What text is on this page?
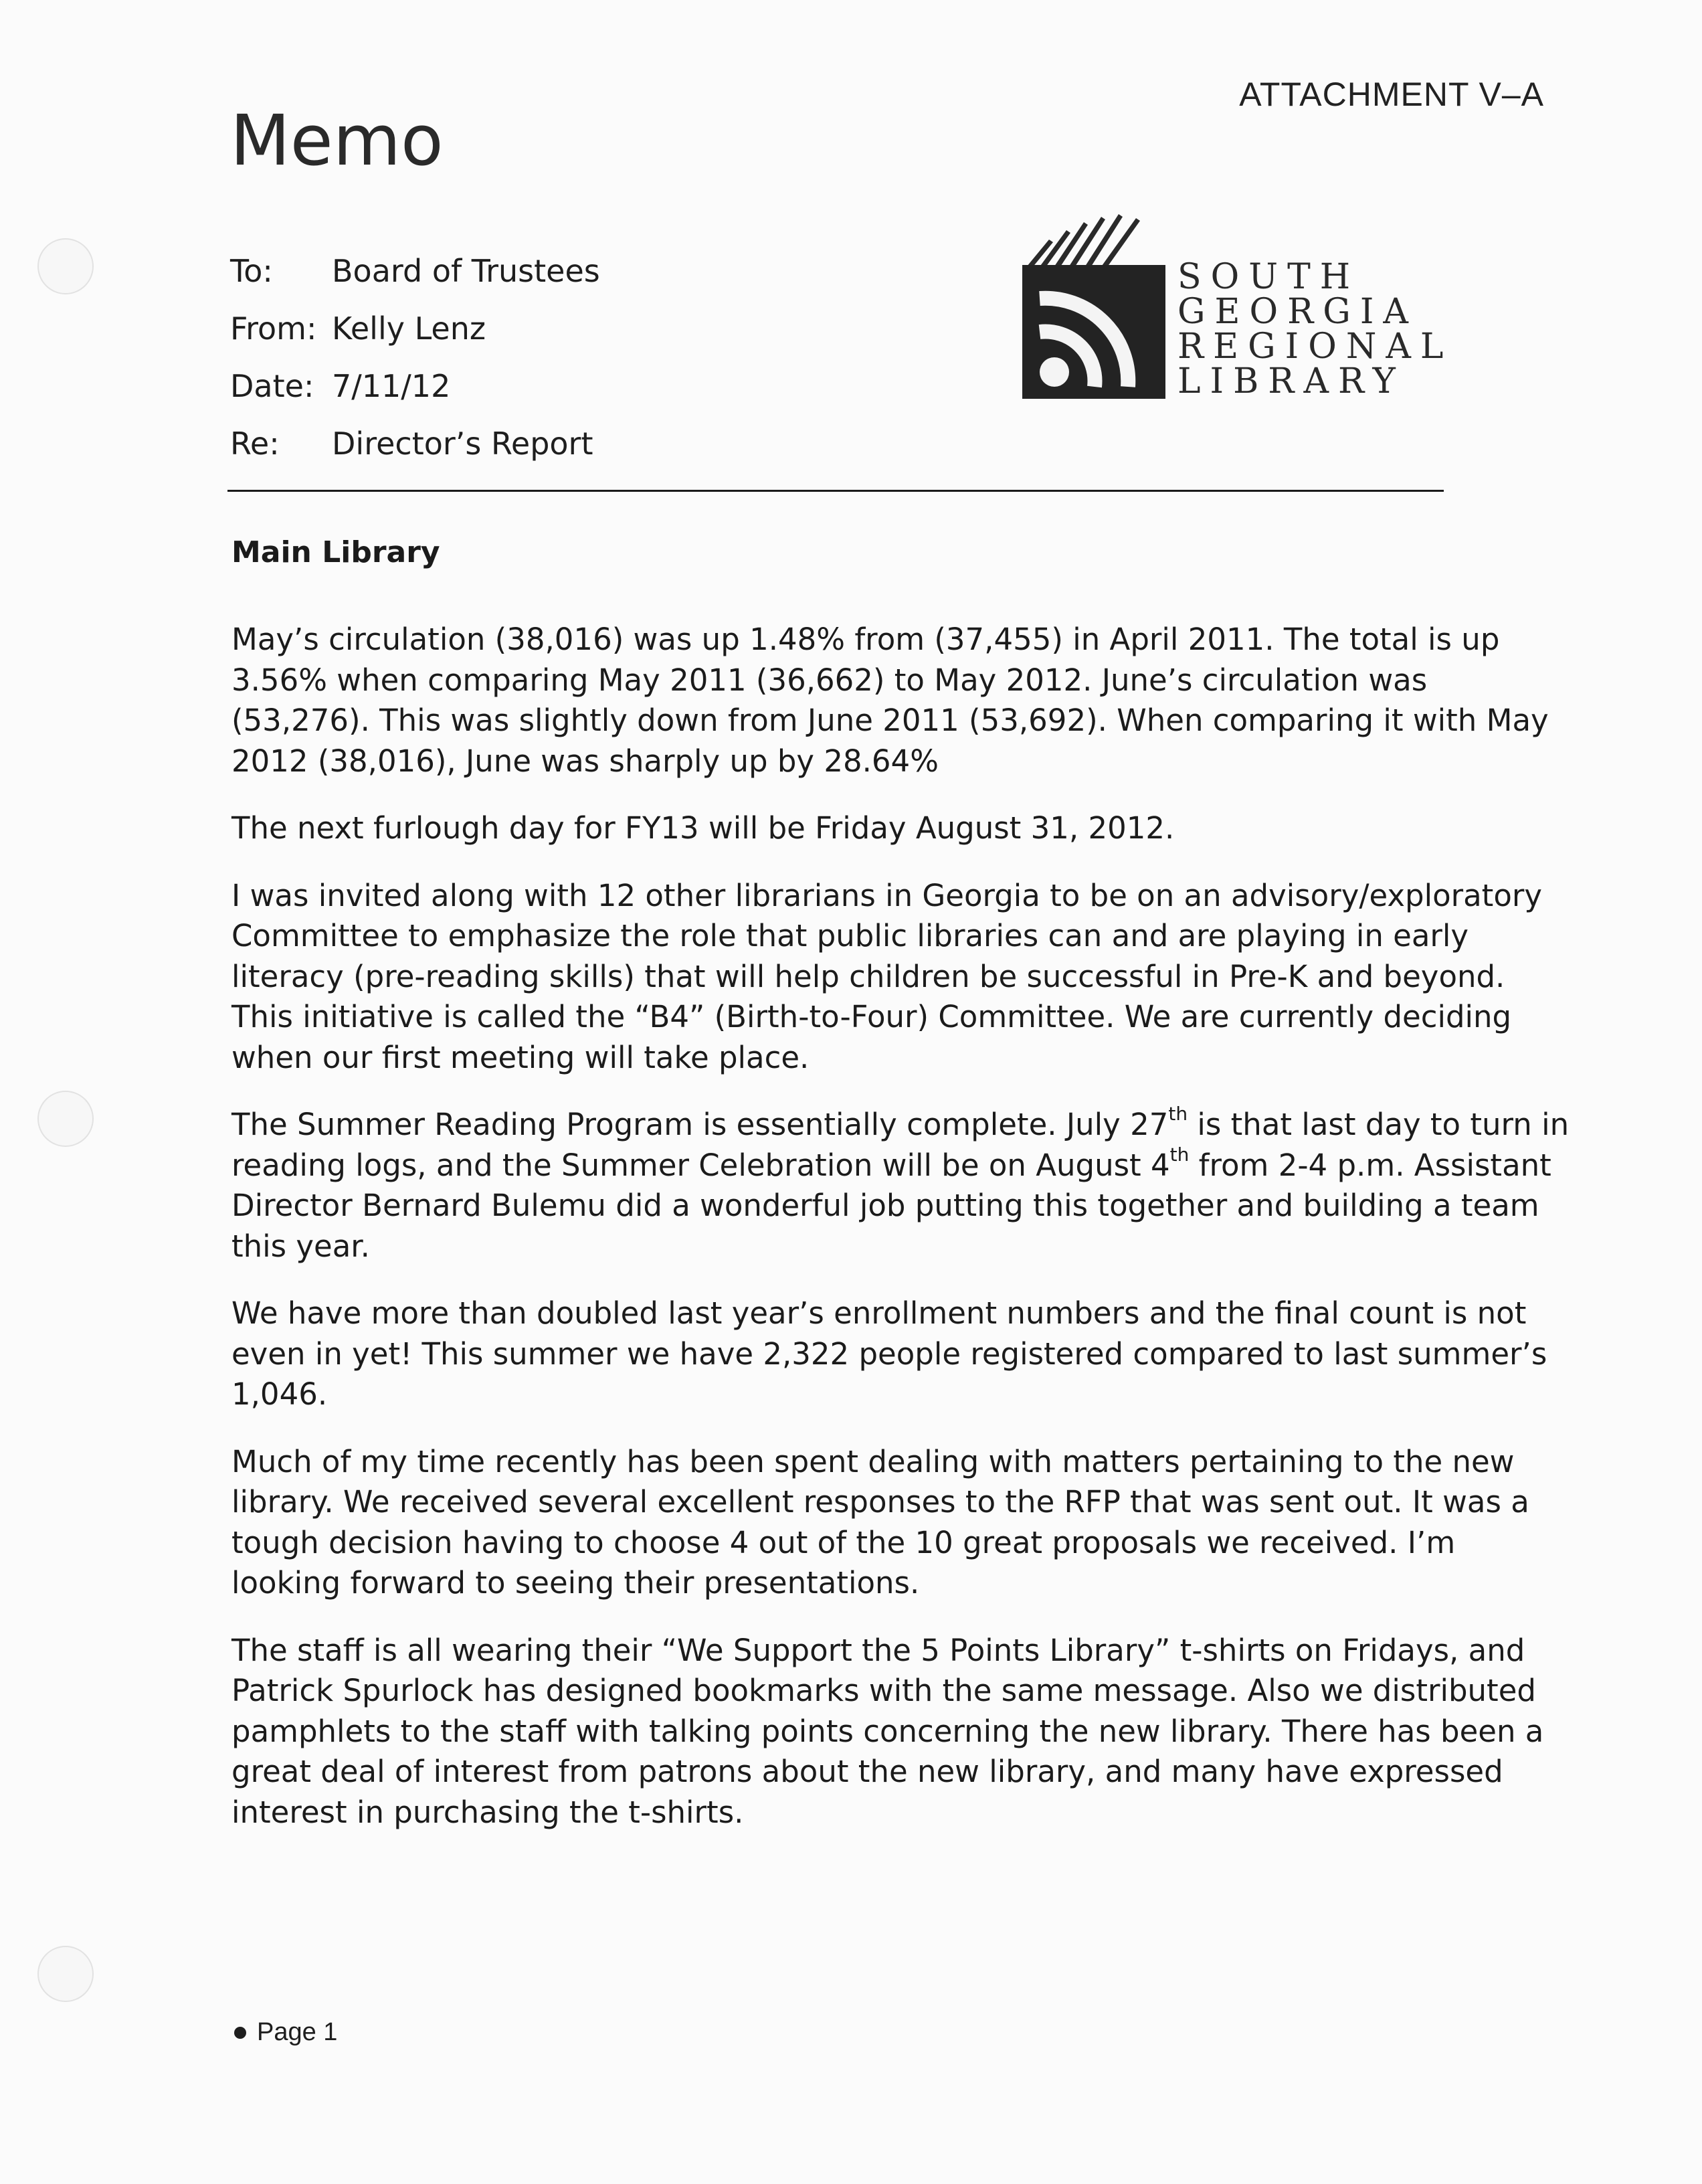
ATTACHMENT V–A
Memo
To:	Board of Trustees
From: Kelly Lenz
Date: 7/11/12
Re:	Director’s Report
SOUTH
GEORGIA
REGIONAL
LIBRARY
Main Library

May’s circulation (38,016) was up 1.48% from (37,455) in April 2011. The total is up
3.56% when comparing May 2011 (36,662) to May 2012. June’s circulation was
(53,276). This was slightly down from June 2011 (53,692). When comparing it with May
2012 (38,016), June was sharply up by 28.64%

The next furlough day for FY13 will be Friday August 31, 2012.

I was invited along with 12 other librarians in Georgia to be on an advisory/exploratory
Committee to emphasize the role that public libraries can and are playing in early
literacy (pre-reading skills) that will help children be successful in Pre-K and beyond.
This initiative is called the “B4” (Birth-to-Four) Committee. We are currently deciding
when our first meeting will take place.

The Summer Reading Program is essentially complete. July 27th is that last day to turn in
reading logs, and the Summer Celebration will be on August 4th from 2-4 p.m. Assistant
Director Bernard Bulemu did a wonderful job putting this together and building a team
this year.

We have more than doubled last year’s enrollment numbers and the final count is not
even in yet! This summer we have 2,322 people registered compared to last summer’s
1,046.

Much of my time recently has been spent dealing with matters pertaining to the new
library. We received several excellent responses to the RFP that was sent out. It was a
tough decision having to choose 4 out of the 10 great proposals we received. I’m
looking forward to seeing their presentations.

The staff is all wearing their “We Support the 5 Points Library” t-shirts on Fridays, and
Patrick Spurlock has designed bookmarks with the same message. Also we distributed
pamphlets to the staff with talking points concerning the new library. There has been a
great deal of interest from patrons about the new library, and many have expressed
interest in purchasing the t-shirts.

Page 1
